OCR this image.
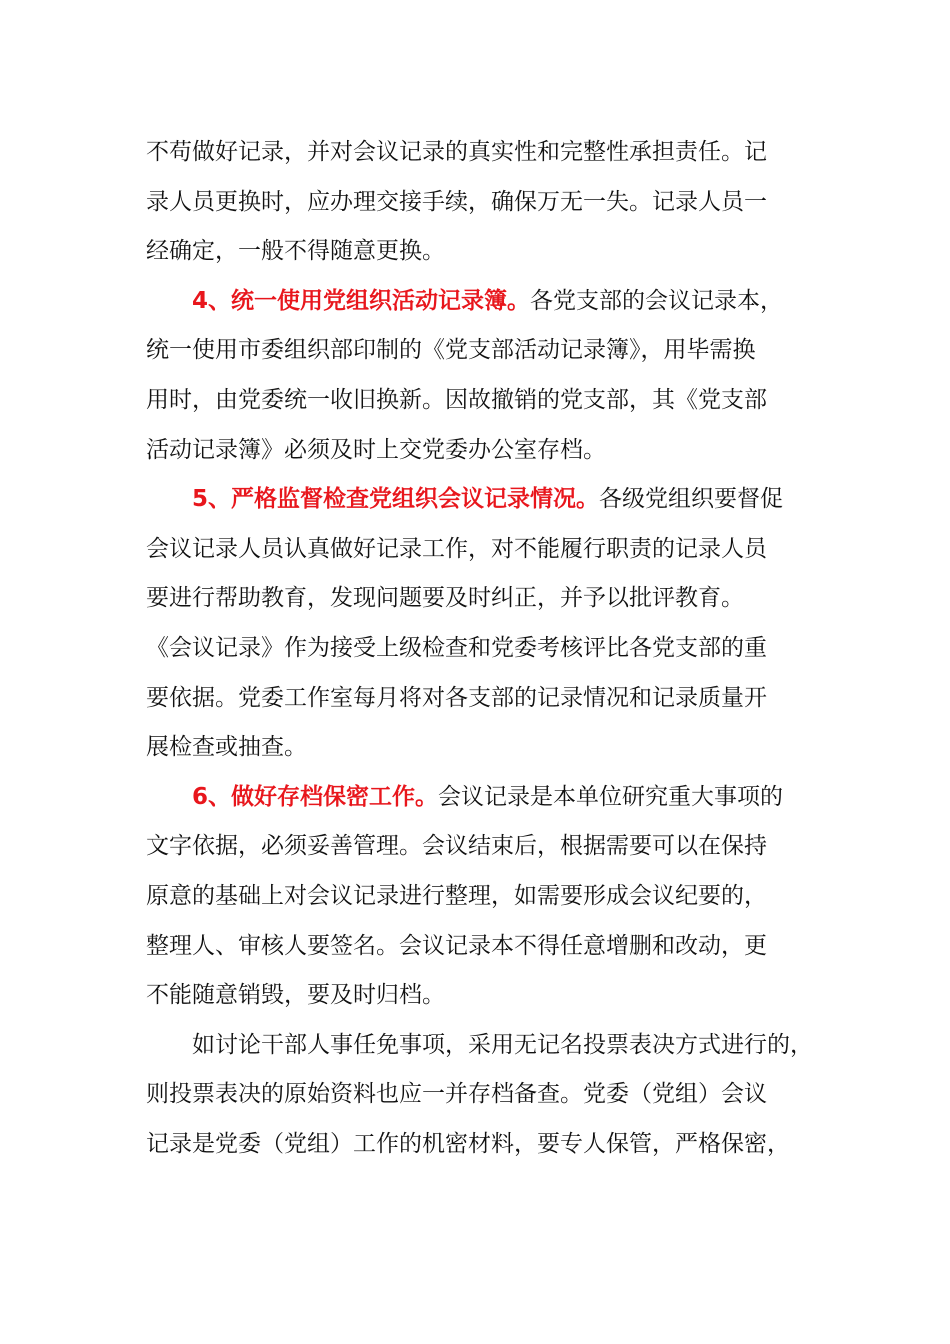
不苟做好记录，并对会议记录的真实性和完整性承担责任。记
录人员更换时，应办理交接手续，确保万无一失。记录人员一
经确定，一般不得随意更换。
4、统一使用党组织活动记录簿。各党支部的会议记录本，
统一使用市委组织部印制的《党支部活动记录簿》，用毕需换
用时，由党委统一收旧换新。因故撤销的党支部，其《党支部
活动记录簿》必须及时上交党委办公室存档。
5、严格监督检查党组织会议记录情况。各级党组织要督促
会议记录人员认真做好记录工作，对不能履行职责的记录人员
要进行帮助教育，发现问题要及时纠正，并予以批评教育。
《会议记录》作为接受上级检查和党委考核评比各党支部的重
要依据。党委工作室每月将对各支部的记录情况和记录质量开
展检查或抽查。
6、做好存档保密工作。会议记录是本单位研究重大事项的
文字依据，必须妥善管理。会议结束后，根据需要可以在保持
原意的基础上对会议记录进行整理，如需要形成会议纪要的，
整理人、审核人要签名。会议记录本不得任意增删和改动，更
不能随意销毁，要及时归档。
如讨论干部人事任免事项，采用无记名投票表决方式进行的，
则投票表决的原始资料也应一并存档备查。党委（党组）会议
记录是党委（党组）工作的机密材料，要专人保管，严格保密，
